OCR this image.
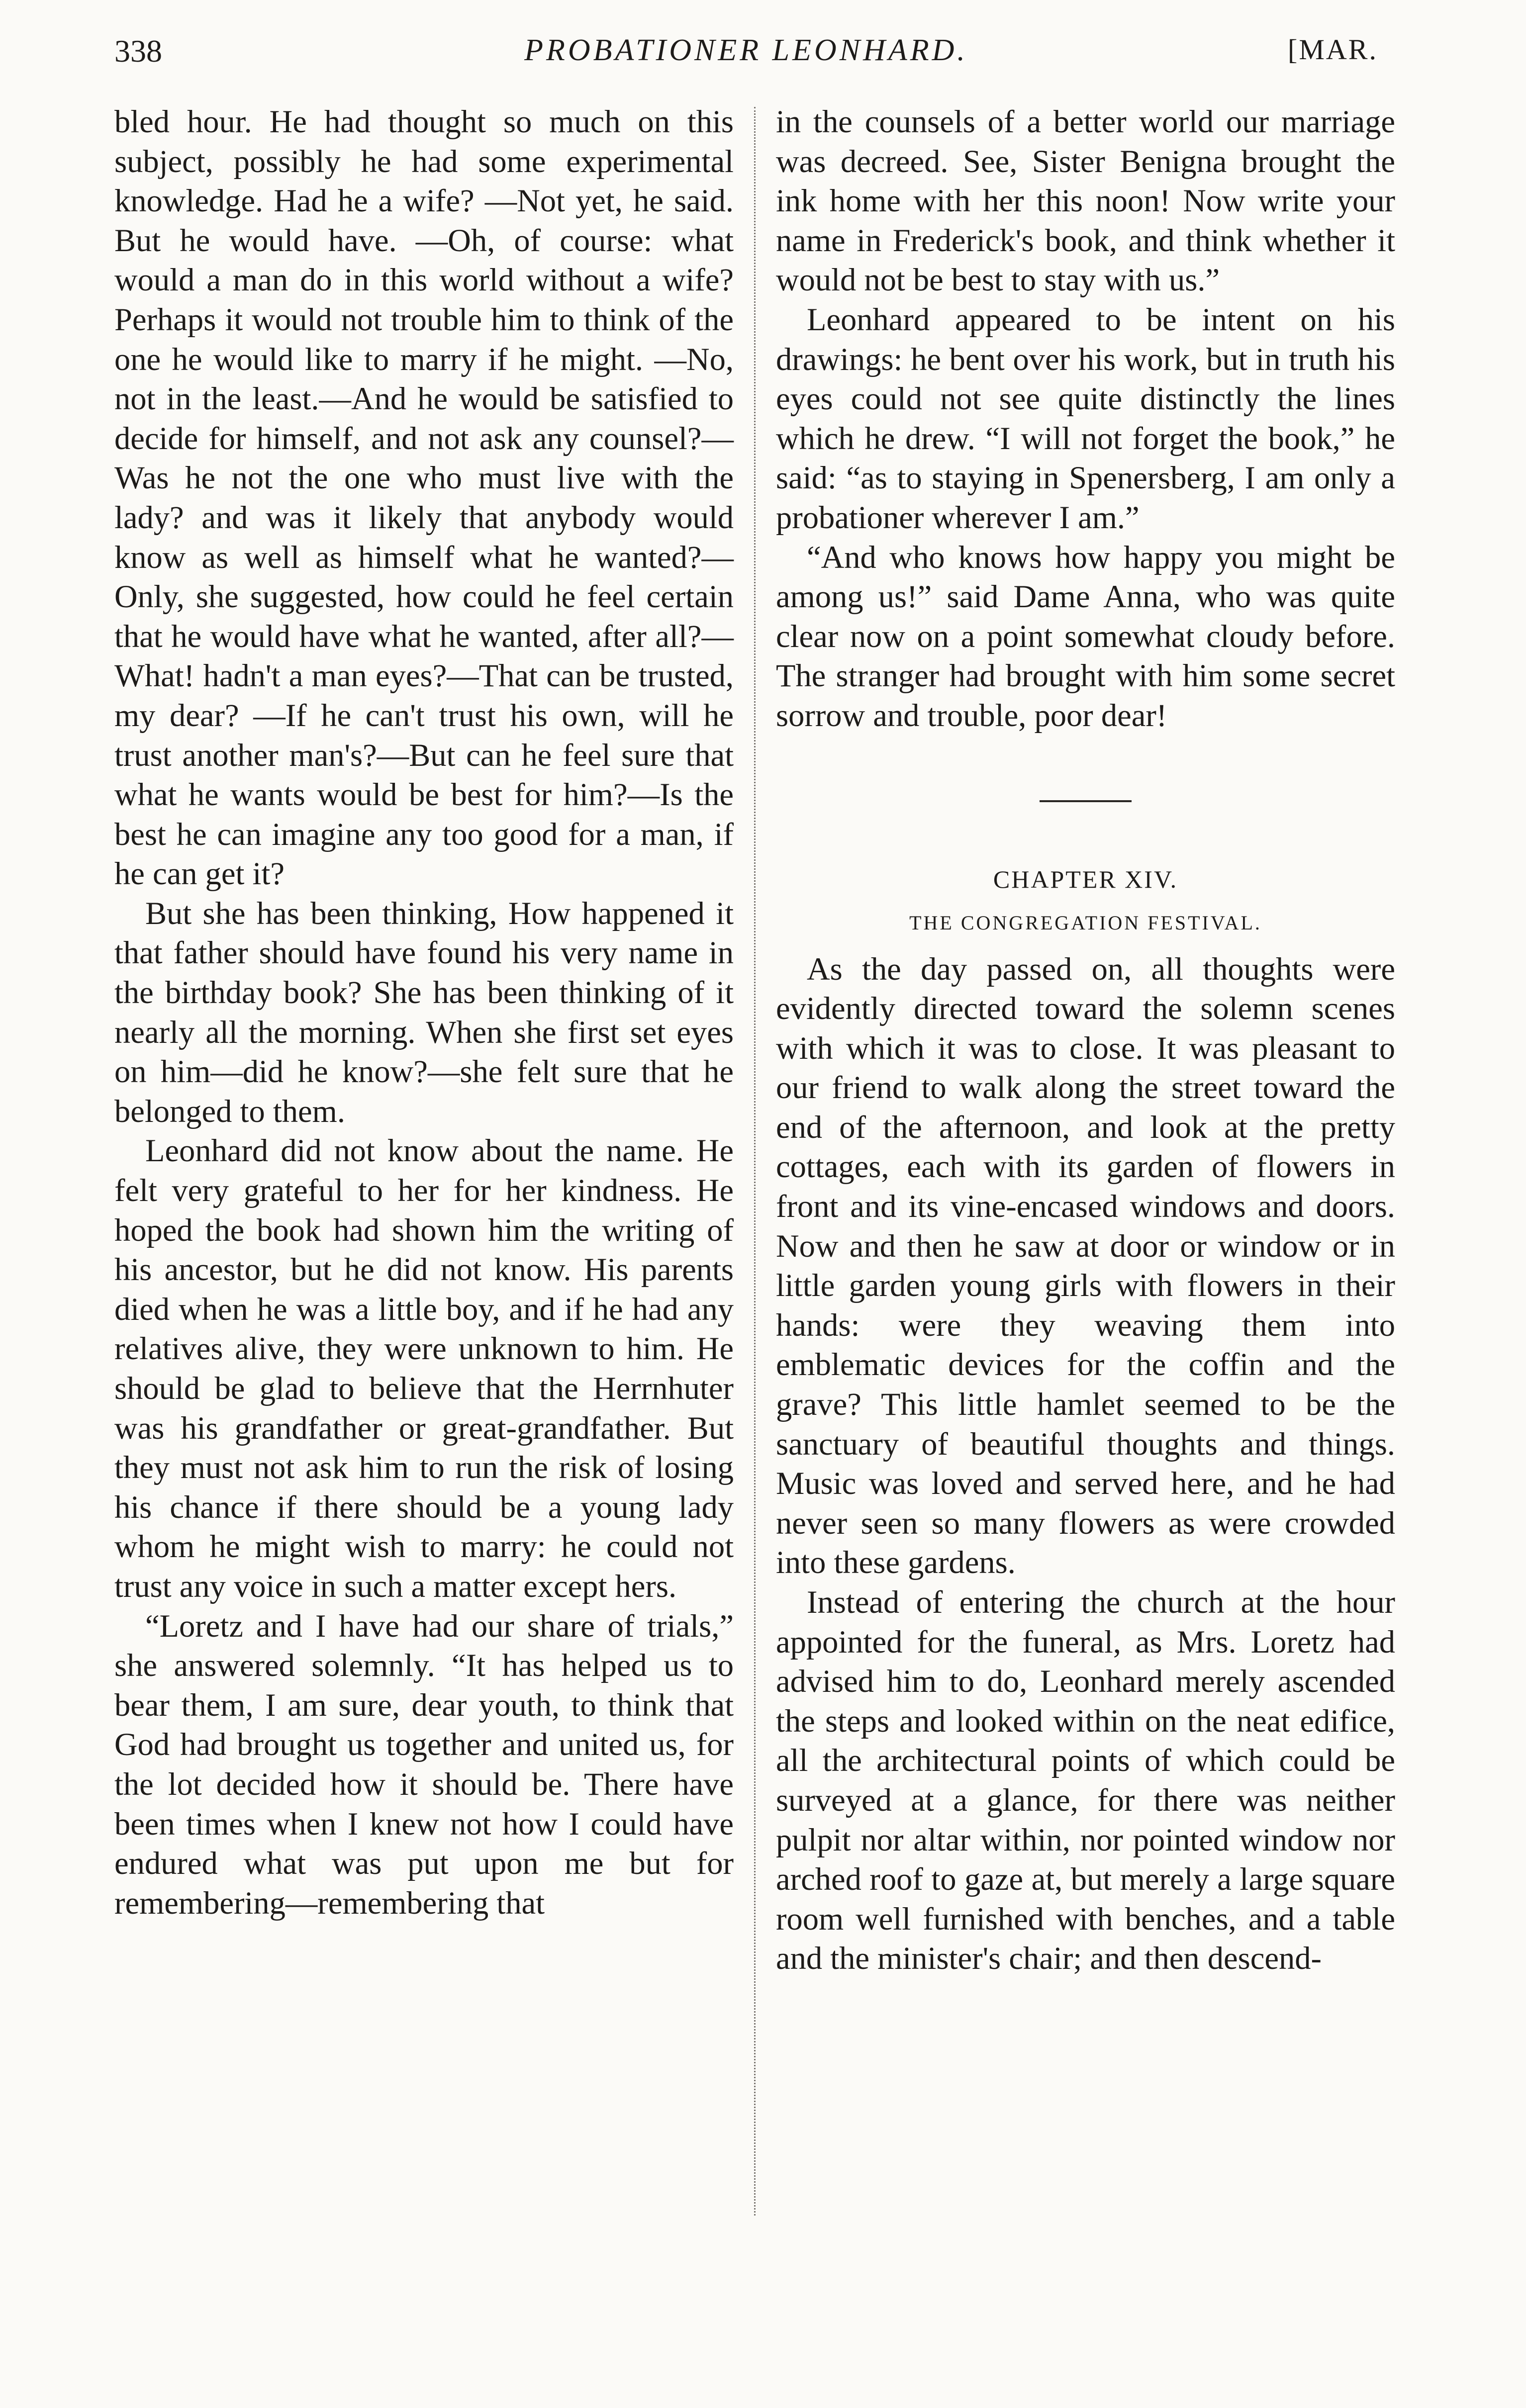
338	PROBATIONER LEONHARD.	[MAR.

bled hour. He had thought so much on this subject, possibly he had some experimental knowledge. Had he a wife? —Not yet, he said. But he would have. —Oh, of course: what would a man do in this world without a wife? Perhaps it would not trouble him to think of the one he would like to marry if he might. —No, not in the least.—And he would be satisfied to decide for himself, and not ask any counsel?—Was he not the one who must live with the lady? and was it likely that anybody would know as well as himself what he wanted?—Only, she suggested, how could he feel certain that he would have what he wanted, after all?—What! hadn't a man eyes?—That can be trusted, my dear? —If he can't trust his own, will he trust another man's?—But can he feel sure that what he wants would be best for him?—Is the best he can imagine any too good for a man, if he can get it?

But she has been thinking, How happened it that father should have found his very name in the birthday book? She has been thinking of it nearly all the morning. When she first set eyes on him—did he know?—she felt sure that he belonged to them.

Leonhard did not know about the name. He felt very grateful to her for her kindness. He hoped the book had shown him the writing of his ancestor, but he did not know. His parents died when he was a little boy, and if he had any relatives alive, they were unknown to him. He should be glad to believe that the Herrnhuter was his grandfather or great-grandfather. But they must not ask him to run the risk of losing his chance if there should be a young lady whom he might wish to marry: he could not trust any voice in such a matter except hers.

“Loretz and I have had our share of trials,” she answered solemnly. “It has helped us to bear them, I am sure, dear youth, to think that God had brought us together and united us, for the lot decided how it should be. There have been times when I knew not how I could have endured what was put upon me but for remembering—remembering that

in the counsels of a better world our marriage was decreed. See, Sister Benigna brought the ink home with her this noon! Now write your name in Frederick's book, and think whether it would not be best to stay with us.”

Leonhard appeared to be intent on his drawings: he bent over his work, but in truth his eyes could not see quite distinctly the lines which he drew. “I will not forget the book,” he said: “as to staying in Spenersberg, I am only a probationer wherever I am.”

“And who knows how happy you might be among us!” said Dame Anna, who was quite clear now on a point somewhat cloudy before. The stranger had brought with him some secret sorrow and trouble, poor dear!

CHAPTER XIV.
THE CONGREGATION FESTIVAL.

As the day passed on, all thoughts were evidently directed toward the solemn scenes with which it was to close. It was pleasant to our friend to walk along the street toward the end of the afternoon, and look at the pretty cottages, each with its garden of flowers in front and its vine-encased windows and doors. Now and then he saw at door or window or in little garden young girls with flowers in their hands: were they weaving them into emblematic devices for the coffin and the grave? This little hamlet seemed to be the sanctuary of beautiful thoughts and things. Music was loved and served here, and he had never seen so many flowers as were crowded into these gardens.

Instead of entering the church at the hour appointed for the funeral, as Mrs. Loretz had advised him to do, Leonhard merely ascended the steps and looked within on the neat edifice, all the architectural points of which could be surveyed at a glance, for there was neither pulpit nor altar within, nor pointed window nor arched roof to gaze at, but merely a large square room well furnished with benches, and a table and the minister's chair; and then descend-
